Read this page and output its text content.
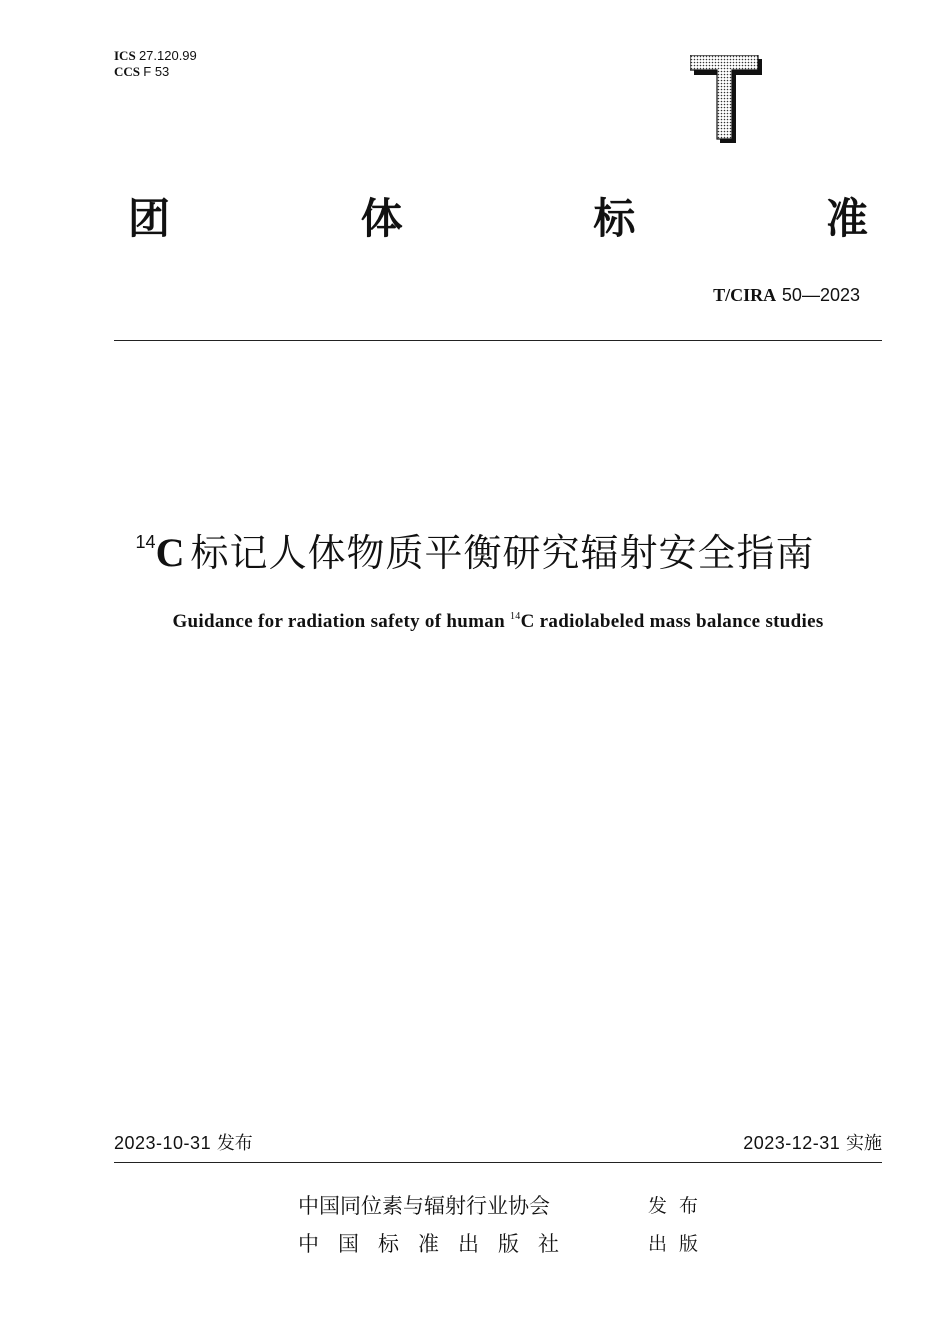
ICS 27.120.99
CCS F 53
团	体	标	准
T/CIRA 50—2023
$^{14}$C 标记人体物质平衡研究辐射安全指南
Guidance for radiation safety of human $^{14}$C radiolabeled mass balance studies
2023-10-31 发布	2023-12-31 实施
中国同位素与辐射行业协会	发布
中国标准出版社	出版
